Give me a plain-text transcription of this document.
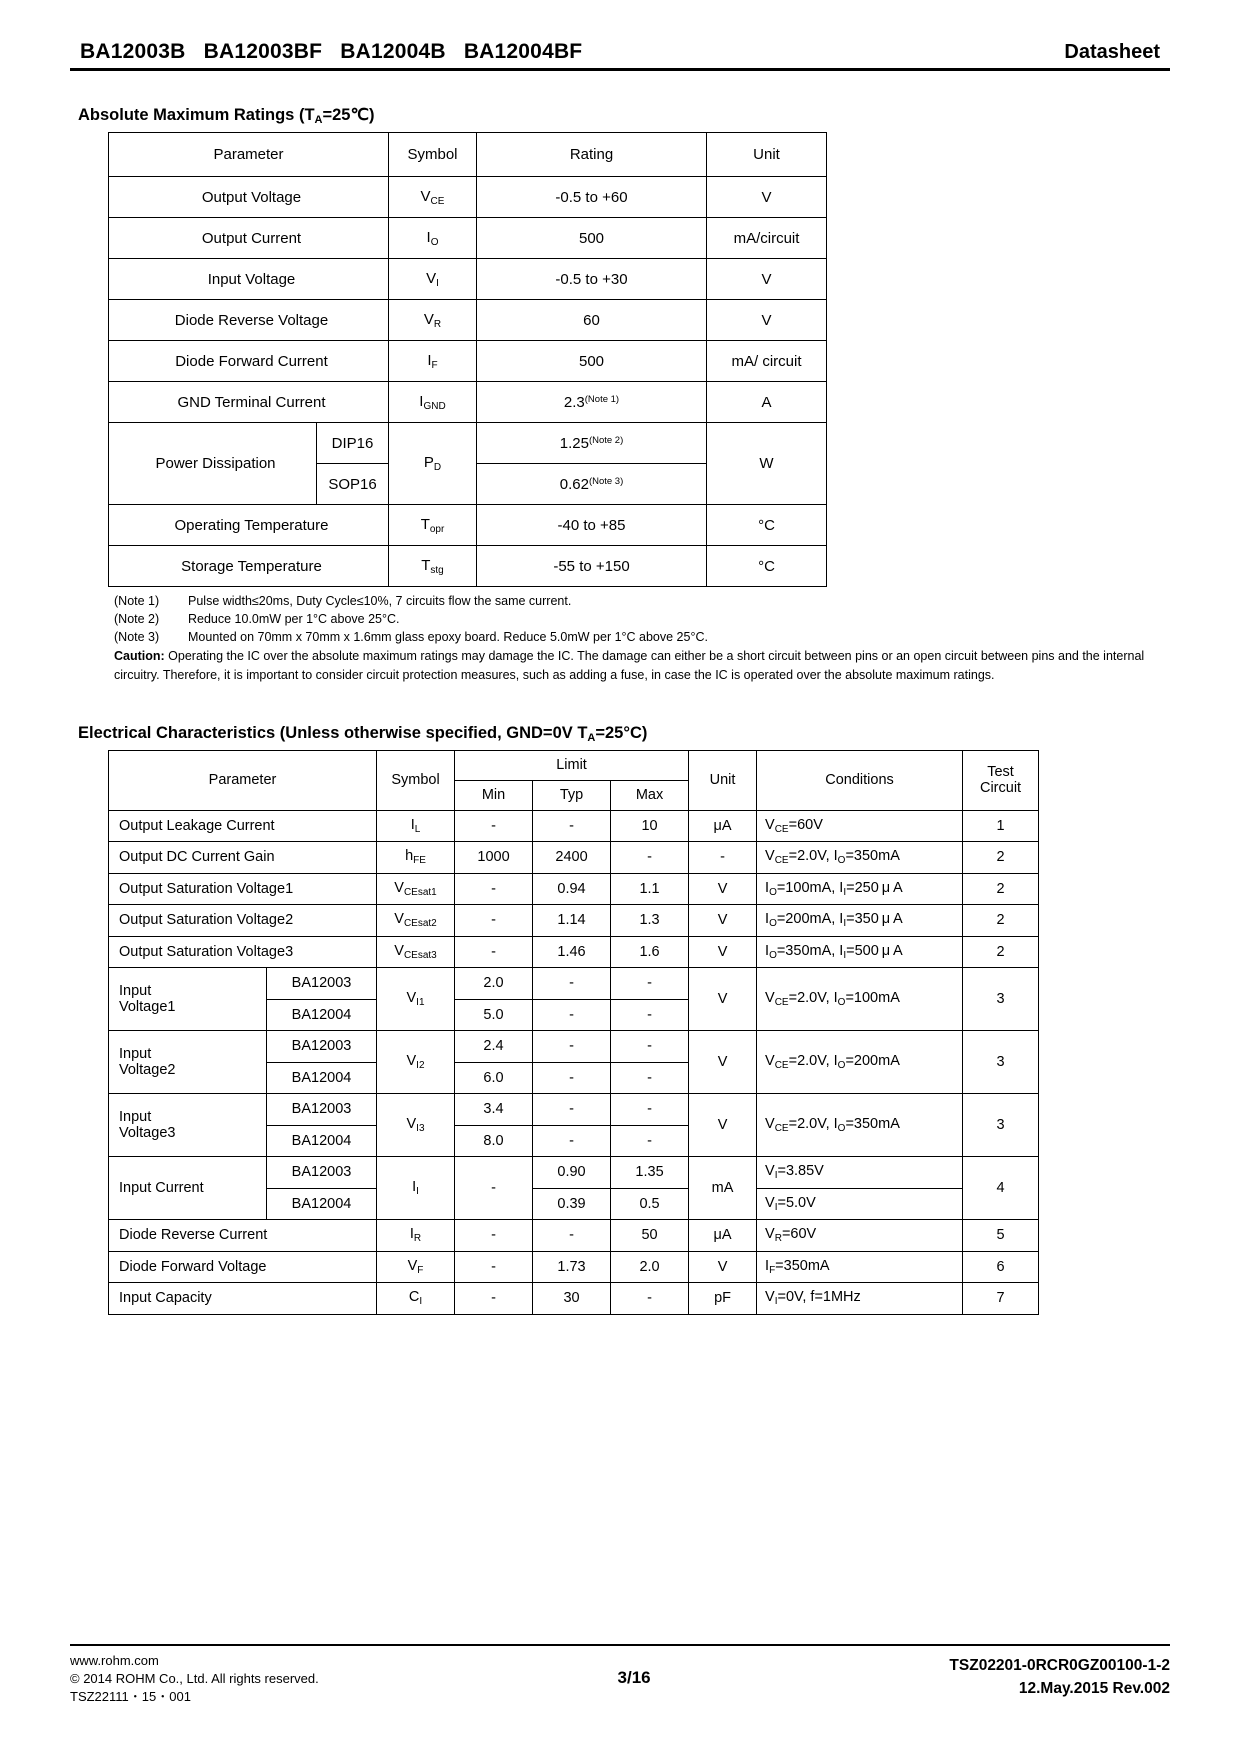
BA12003B   BA12003BF   BA12004B   BA12004BF	Datasheet
Absolute Maximum Ratings $(T_A=25℃)$
Parameter		Symbol	Rating	Unit
Output Voltage		$V_{CE}$	-0.5 to +60	V
Output Current		$I_O$	500	mA/circuit
Input Voltage		$V_I$	-0.5 to +30	V
Diode Reverse Voltage		$V_R$	60	V
Diode Forward Current		$I_F$	500	mA/ circuit
GND Terminal Current		$I_{GND}$	$2.3^{(Note 1)}$	A
Power Dissipation	DIP16	$P_D$	$1.25^{(Note 2)}$	W
	SOP16		$0.62^{(Note 3)}$
Operating Temperature		$T_{opr}$	-40 to +85	°C
Storage Temperature		$T_{stg}$	-55 to +150	°C
(Note 1)	Pulse width≤20ms, Duty Cycle≤10%, 7 circuits flow the same current.
(Note 2)	Reduce 10.0mW per 1°C above 25°C.
(Note 3)	Mounted on 70mm x 70mm x 1.6mm glass epoxy board. Reduce 5.0mW per 1°C above 25°C.
Caution: Operating the IC over the absolute maximum ratings may damage the IC. The damage can either be a short circuit between pins or an open circuit between pins and the internal circuitry. Therefore, it is important to consider circuit protection measures, such as adding a fuse, in case the IC is operated over the absolute maximum ratings.
Electrical Characteristics (Unless otherwise specified, GND=0V $T_A=25^\circ C$)
Parameter		Symbol	Limit			Unit	Conditions	Test
Circuit
			Min	Typ	Max			
Output Leakage Current		$I_L$	-	-	10	μA	$V_{CE}=60V$	1
Output DC Current Gain		$h_{FE}$	1000	2400	-	-	$V_{CE}=2.0V$, $I_O=350mA$	2
Output Saturation Voltage1		$V_{CEsat1}$	-	0.94	1.1	V	$I_O=100mA$, $I_I=250$ μ A	2
Output Saturation Voltage2		$V_{CEsat2}$	-	1.14	1.3	V	$I_O=200mA$, $I_I=350$ μ A	2
Output Saturation Voltage3		$V_{CEsat3}$	-	1.46	1.6	V	$I_O=350mA$, $I_I=500$ μ A	2
Input
Voltage1	BA12003	$V_{I1}$	2.0	-	-	V	$V_{CE}=2.0V$, $I_O=100mA$	3
	BA12004		5.0	-	-			
Input
Voltage2	BA12003	$V_{I2}$	2.4	-	-	V	$V_{CE}=2.0V$, $I_O=200mA$	3
	BA12004		6.0	-	-			
Input
Voltage3	BA12003	$V_{I3}$	3.4	-	-	V	$V_{CE}=2.0V$, $I_O=350mA$	3
	BA12004		8.0	-	-			
Input Current	BA12003	$I_I$	-	0.90	1.35	mA	$V_I=3.85V$	4
	BA12004			0.39	0.5		$V_I=5.0V$	
Diode Reverse Current		$I_R$	-	-	50	μA	$V_R=60V$	5
Diode Forward Voltage		$V_F$	-	1.73	2.0	V	$I_F=350mA$	6
Input Capacity		$C_I$	-	30	-	pF	$V_I=0V$, f=1MHz	7
www.rohm.com
© 2014 ROHM Co., Ltd. All rights reserved.
TSZ22111・15・001
3/16
TSZ02201-0RCR0GZ00100-1-2
12.May.2015 Rev.002
